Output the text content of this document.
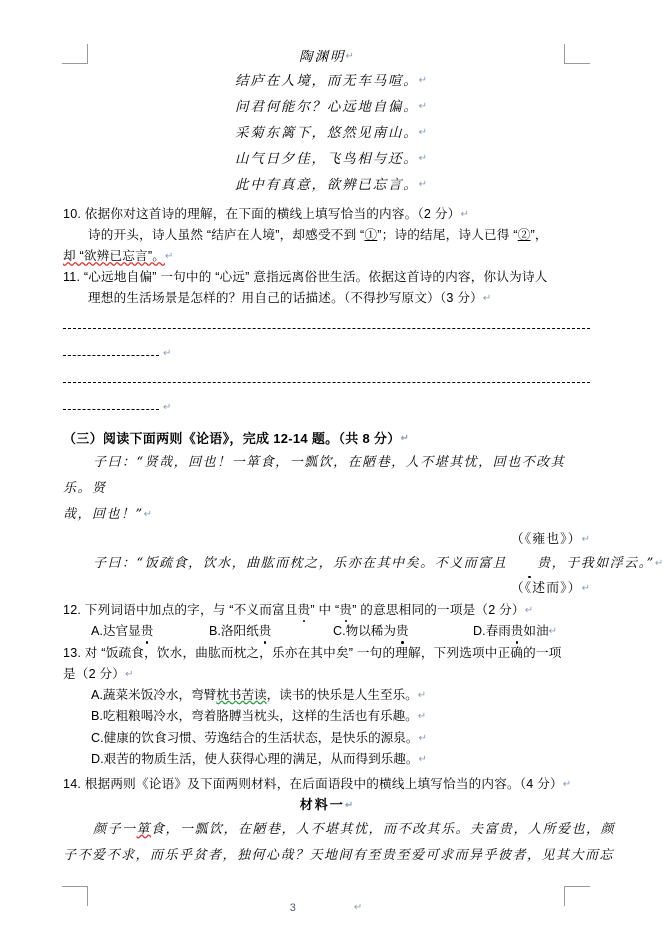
陶渊明↵
结庐在人境，而无车马喧。↵
问君何能尔？心远地自偏。↵
采菊东篱下，悠然见南山。↵
山气日夕佳，飞鸟相与还。↵
此中有真意，欲辨已忘言。↵
10. 依据你对这首诗的理解，在下面的横线上填写恰当的内容。（2 分）↵
诗的开头，诗人虽然 “结庐在人境”，却感受不到 “①”；诗的结尾，诗人已得 “②”，
却 “欲辨已忘言”。↵
11. “心远地自偏” 一句中的 “心远” 意指远离俗世生活。依据这首诗的内容，你认为诗人
理想的生活场景是怎样的？用自己的话描述。（不得抄写原文）（3 分）↵
↵
↵
（三）阅读下面两则《论语》，完成 12-14 题。（共 8 分）↵
子曰：“贤哉，回也！一箪食，一瓢饮，在陋巷，人不堪其忧，回也不改其乐。贤
哉，回也！”↵
（《雍也》）↵
子曰：“饭疏食，饮水，曲肱而枕之，乐亦在其中矣。不义而富且 贵，于我如浮云。”↵
（《述而》）↵
12. 下列词语中加点的字，与 “不义而富且贵” 中 “贵” 的意思相同的一项是（2 分）↵
A.达官显贵	B.洛阳纸贵	C.物以稀为贵	D.春雨贵如油↵
13. 对 “饭疏食，饮水，曲肱而枕之，乐亦在其中矣” 一句的理解，下列选项中正确的一项
是（2 分）↵
A.蔬菜米饭冷水，弯臂枕书苦读，读书的快乐是人生至乐。↵
B.吃粗粮喝冷水，弯着胳膊当枕头，这样的生活也有乐趣。↵
C.健康的饮食习惯、劳逸结合的生活状态，是快乐的源泉。↵
D.艰苦的物质生活，使人获得心理的满足，从而得到乐趣。↵
14. 根据两则《论语》及下面两则材料，在后面语段中的横线上填写恰当的内容。（4 分）↵
材料一↵
颜子一箪食，一瓢饮，在陋巷，人不堪其忧，而不改其乐。夫富贵，人所爱也，颜
子不爱不求，而乐乎贫者，独何心哉？天地间有至贵至爱可求而异乎彼者，见其大而忘
3	↵
